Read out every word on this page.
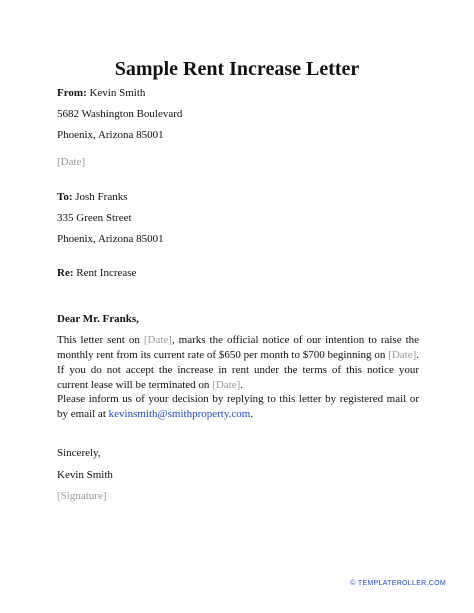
Sample Rent Increase Letter
From: Kevin Smith
5682 Washington Boulevard
Phoenix, Arizona 85001
[Date]
To: Josh Franks
335 Green Street
Phoenix, Arizona 85001
Re: Rent Increase
Dear Mr. Franks,
This letter sent on [Date], marks the official notice of our intention to raise the monthly rent from its current rate of $650 per month to $700 beginning on [Date]. If you do not accept the increase in rent under the terms of this notice your current lease will be terminated on [Date].
Please inform us of your decision by replying to this letter by registered mail or by email at kevinsmith@smithproperty.com.
Sincerely,
Kevin Smith
[Signature]
© TEMPLATEROLLER.COM
